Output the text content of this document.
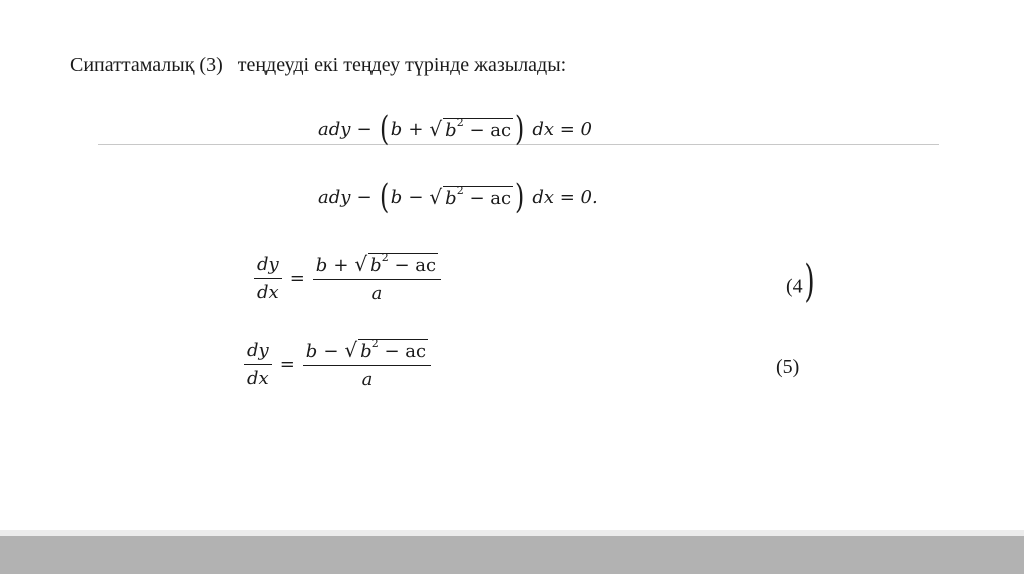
Сипаттамалық (3)   теңдеуді екі теңдеу түрінде жазылады:
ady − ( b + √ $b^2$ − ac ) dx = 0
ady − ( b − √ $b^2$ − ac ) dx = 0.
$\frac{dy}{dx} = \frac{b + √ b^2 - ac}{a}$	(4)
$\frac{dy}{dx} = \frac{b - √ b^2 - ac}{a}$	(5)
